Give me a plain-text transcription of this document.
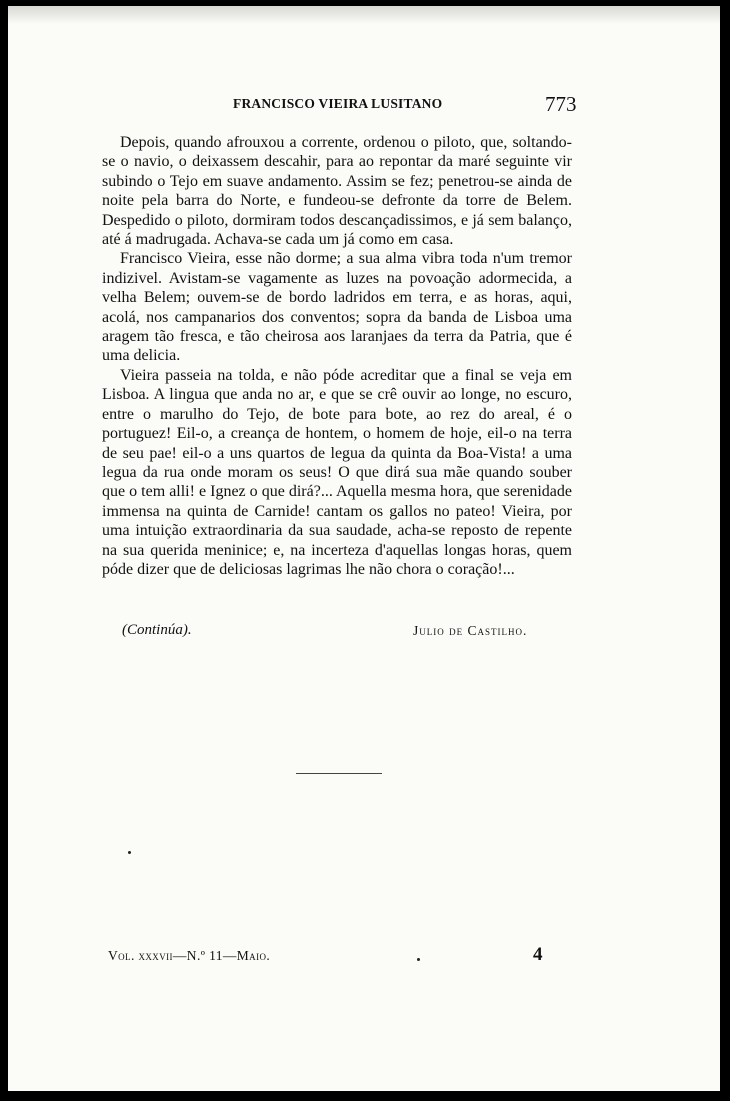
FRANCISCO VIEIRA LUSITANO	773

Depois, quando afrouxou a corrente, ordenou o piloto, que, soltando-se o navio, o deixassem descahir, para ao repontar da maré seguinte vir subindo o Tejo em suave andamento. Assim se fez; penetrou-se ainda de noite pela barra do Norte, e fundeou-se defronte da torre de Belem. Despedido o piloto, dormiram todos descançadissimos, e já sem balanço, até á madrugada. Achava-se cada um já como em casa.

Francisco Vieira, esse não dorme; a sua alma vibra toda n'um tremor indizivel. Avistam-se vagamente as luzes na povoação adormecida, a velha Belem; ouvem-se de bordo ladridos em terra, e as horas, aqui, acolá, nos campanarios dos conventos; sopra da banda de Lisboa uma aragem tão fresca, e tão cheirosa aos laranjaes da terra da Patria, que é uma delicia.

Vieira passeia na tolda, e não póde acreditar que a final se veja em Lisboa. A lingua que anda no ar, e que se crê ouvir ao longe, no escuro, entre o marulho do Tejo, de bote para bote, ao rez do areal, é o portuguez! Eil-o, a creança de hontem, o homem de hoje, eil-o na terra de seu pae! eil-o a uns quartos de legua da quinta da Boa-Vista! a uma legua da rua onde moram os seus! O que dirá sua mãe quando souber que o tem alli! e Ignez o que dirá?... Aquella mesma hora, que serenidade immensa na quinta de Carnide! cantam os gallos no pateo! Vieira, por uma intuição extraordinaria da sua saudade, acha-se reposto de repente na sua querida meninice; e, na incerteza d'aquellas longas horas, quem póde dizer que de deliciosas lagrimas lhe não chora o coração!...

(Continúa).	Julio de Castilho.
Vol. xxxvii—N.º 11—Maio.	4
